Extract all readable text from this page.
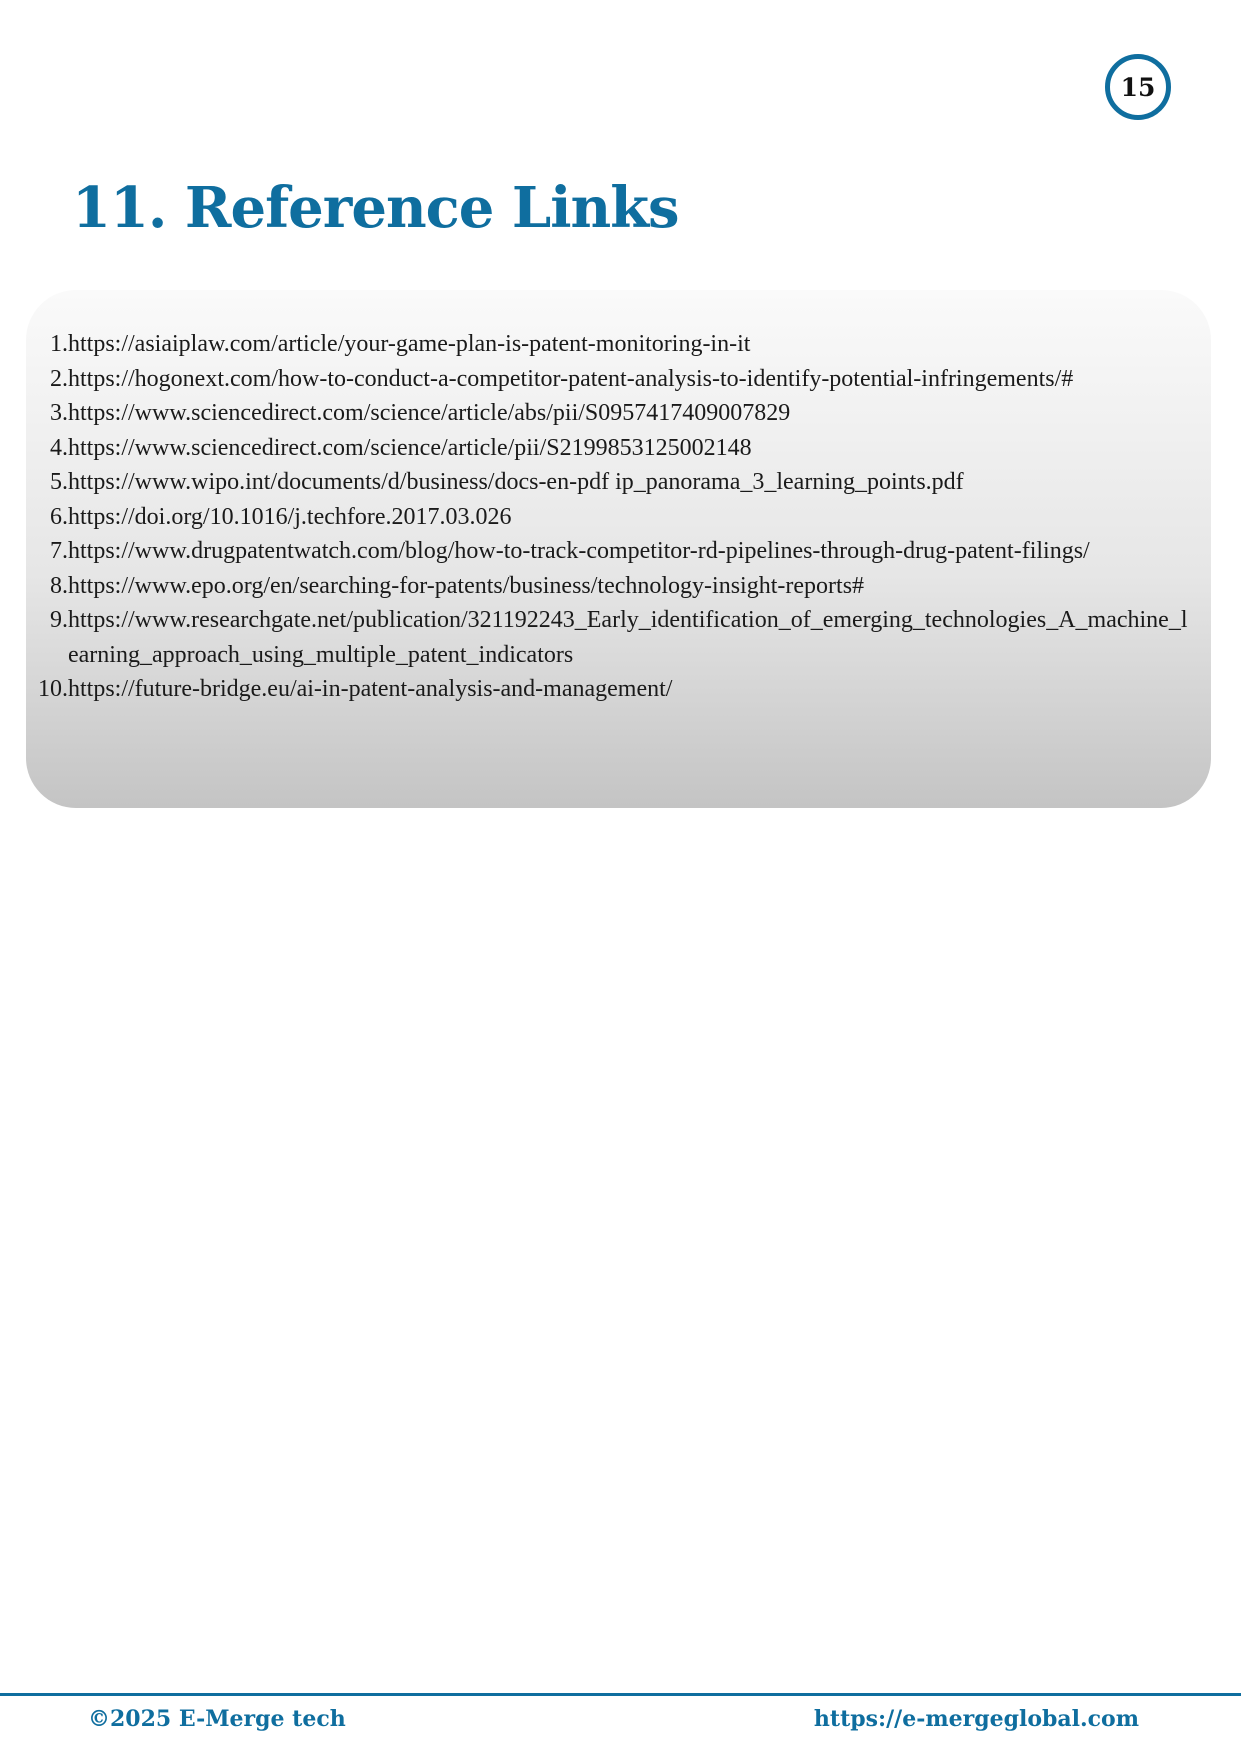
15
11. Reference Links
1. https://asiaiplaw.com/article/your-game-plan-is-patent-monitoring-in-it
2. https://hogonext.com/how-to-conduct-a-competitor-patent-analysis-to-identify-potential-infringements/#
3. https://www.sciencedirect.com/science/article/abs/pii/S0957417409007829
4. https://www.sciencedirect.com/science/article/pii/S2199853125002148
5. https://www.wipo.int/documents/d/business/docs-en-pdf ip_panorama_3_learning_points.pdf
6. https://doi.org/10.1016/j.techfore.2017.03.026
7. https://www.drugpatentwatch.com/blog/how-to-track-competitor-rd-pipelines-through-drug-patent-filings/
8. https://www.epo.org/en/searching-for-patents/business/technology-insight-reports#
9. https://www.researchgate.net/publication/321192243_Early_identification_of_emerging_technologies_A_machine_learning_approach_using_multiple_patent_indicators
10. https://future-bridge.eu/ai-in-patent-analysis-and-management/
©2025 E-Merge tech	https://e-mergeglobal.com
